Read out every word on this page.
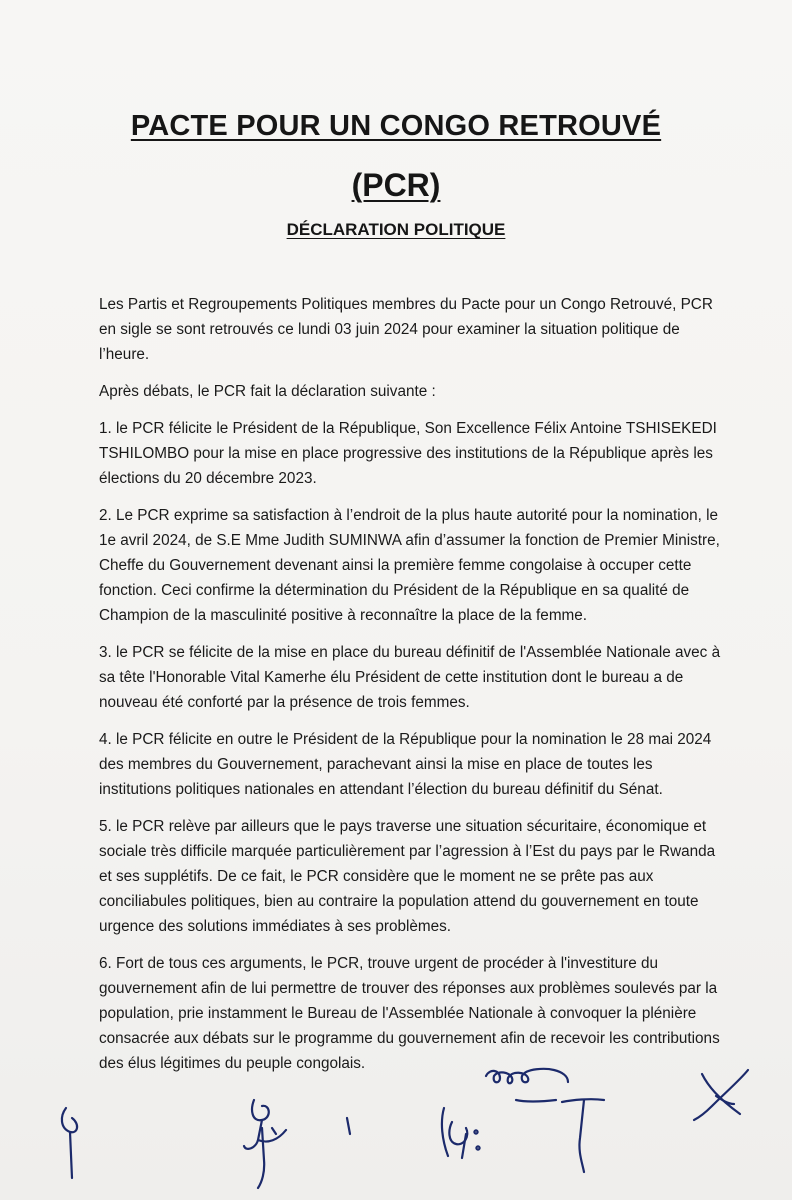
PACTE POUR UN CONGO RETROUVÉ
(PCR)
DÉCLARATION POLITIQUE

Les Partis et Regroupements Politiques membres du Pacte pour un Congo Retrouvé, PCR en sigle se sont retrouvés ce lundi 03 juin 2024 pour examiner la situation politique de l’heure.

Après débats, le PCR fait la déclaration suivante :

1. le PCR félicite le Président de la République, Son Excellence Félix Antoine TSHISEKEDI TSHILOMBO pour la mise en place progressive des institutions de la République après les élections du 20 décembre 2023.

2. Le PCR exprime sa satisfaction à l’endroit de la plus haute autorité pour la nomination, le 1e avril 2024, de S.E Mme Judith SUMINWA afin d’assumer la fonction de Premier Ministre, Cheffe du Gouvernement devenant ainsi la première femme congolaise à occuper cette fonction. Ceci confirme la détermination du Président de la République en sa qualité de Champion de la masculinité positive à reconnaître la place de la femme.

3. le PCR se félicite de la mise en place du bureau définitif de l'Assemblée Nationale avec à sa tête l'Honorable Vital Kamerhe élu Président de cette institution dont le bureau a de nouveau été conforté par la présence de trois femmes.

4. le PCR félicite en outre le Président de la République pour la nomination le 28 mai 2024 des membres du Gouvernement, parachevant ainsi la mise en place de toutes les institutions politiques nationales en attendant l’élection du bureau définitif du Sénat.

5. le PCR relève par ailleurs que le pays traverse une situation sécuritaire, économique et sociale très difficile marquée particulièrement par l’agression à l’Est du pays par le Rwanda et ses supplétifs. De ce fait, le PCR considère que le moment ne se prête pas aux conciliabules politiques, bien au contraire la population attend du gouvernement en toute urgence des solutions immédiates à ses problèmes.

6. Fort de tous ces arguments, le PCR, trouve urgent de procéder à l'investiture du gouvernement afin de lui permettre de trouver des réponses aux problèmes soulevés par la population, prie instamment le Bureau de l'Assemblée Nationale à convoquer la plénière consacrée aux débats sur le programme du gouvernement afin de recevoir les contributions des élus légitimes du peuple congolais.
